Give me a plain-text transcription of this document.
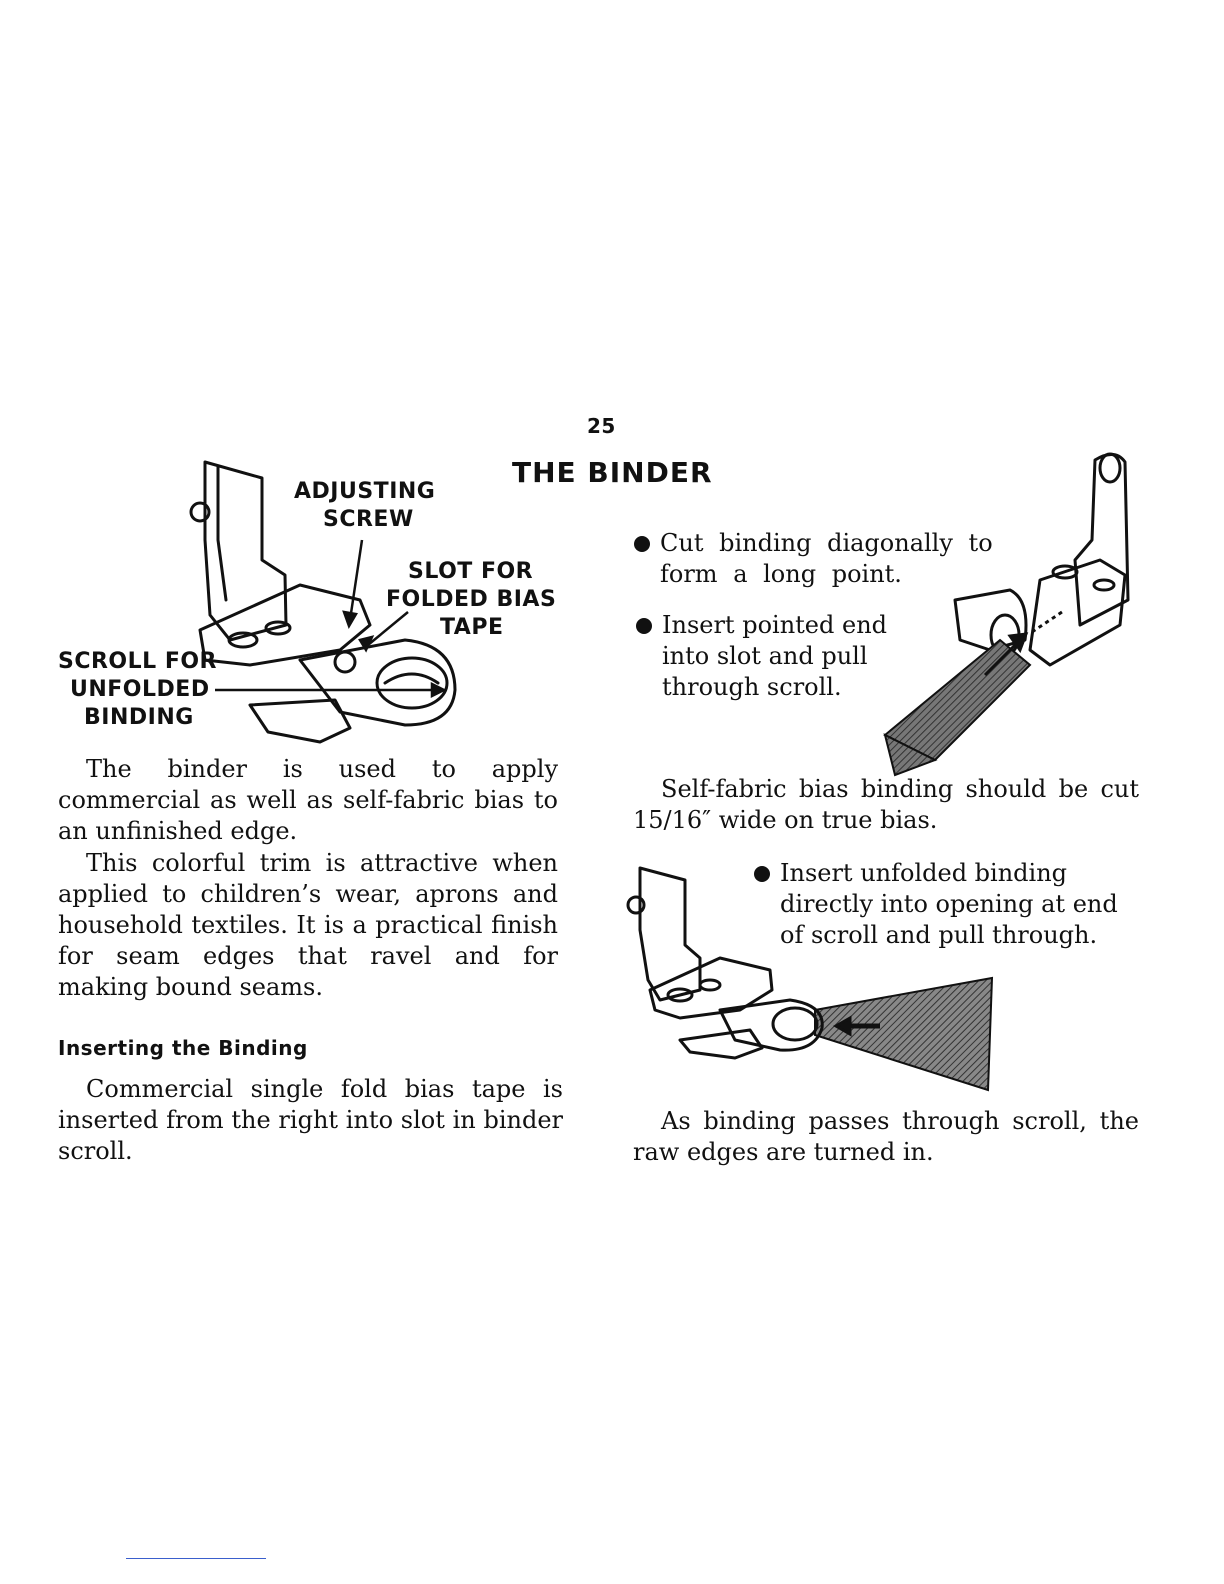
25
THE BINDER
ADJUSTING
SCREW
SLOT FOR
FOLDED BIAS
TAPE
SCROLL FOR
UNFOLDED
BINDING
The binder is used to apply commercial as well as self-fabric bias to an unfinished edge.
This colorful trim is attractive when applied to children’s wear, aprons and household textiles. It is a practical finish for seam edges that ravel and for making bound seams.
Inserting the Binding
Commercial single fold bias tape is inserted from the right into slot in binder scroll.
Cut binding diagonally to form a long point.
Insert pointed end into slot and pull through scroll.
Self-fabric bias binding should be cut 15/16″ wide on true bias.
Insert unfolded binding directly into opening at end of scroll and pull through.
As binding passes through scroll, the raw edges are turned in.
